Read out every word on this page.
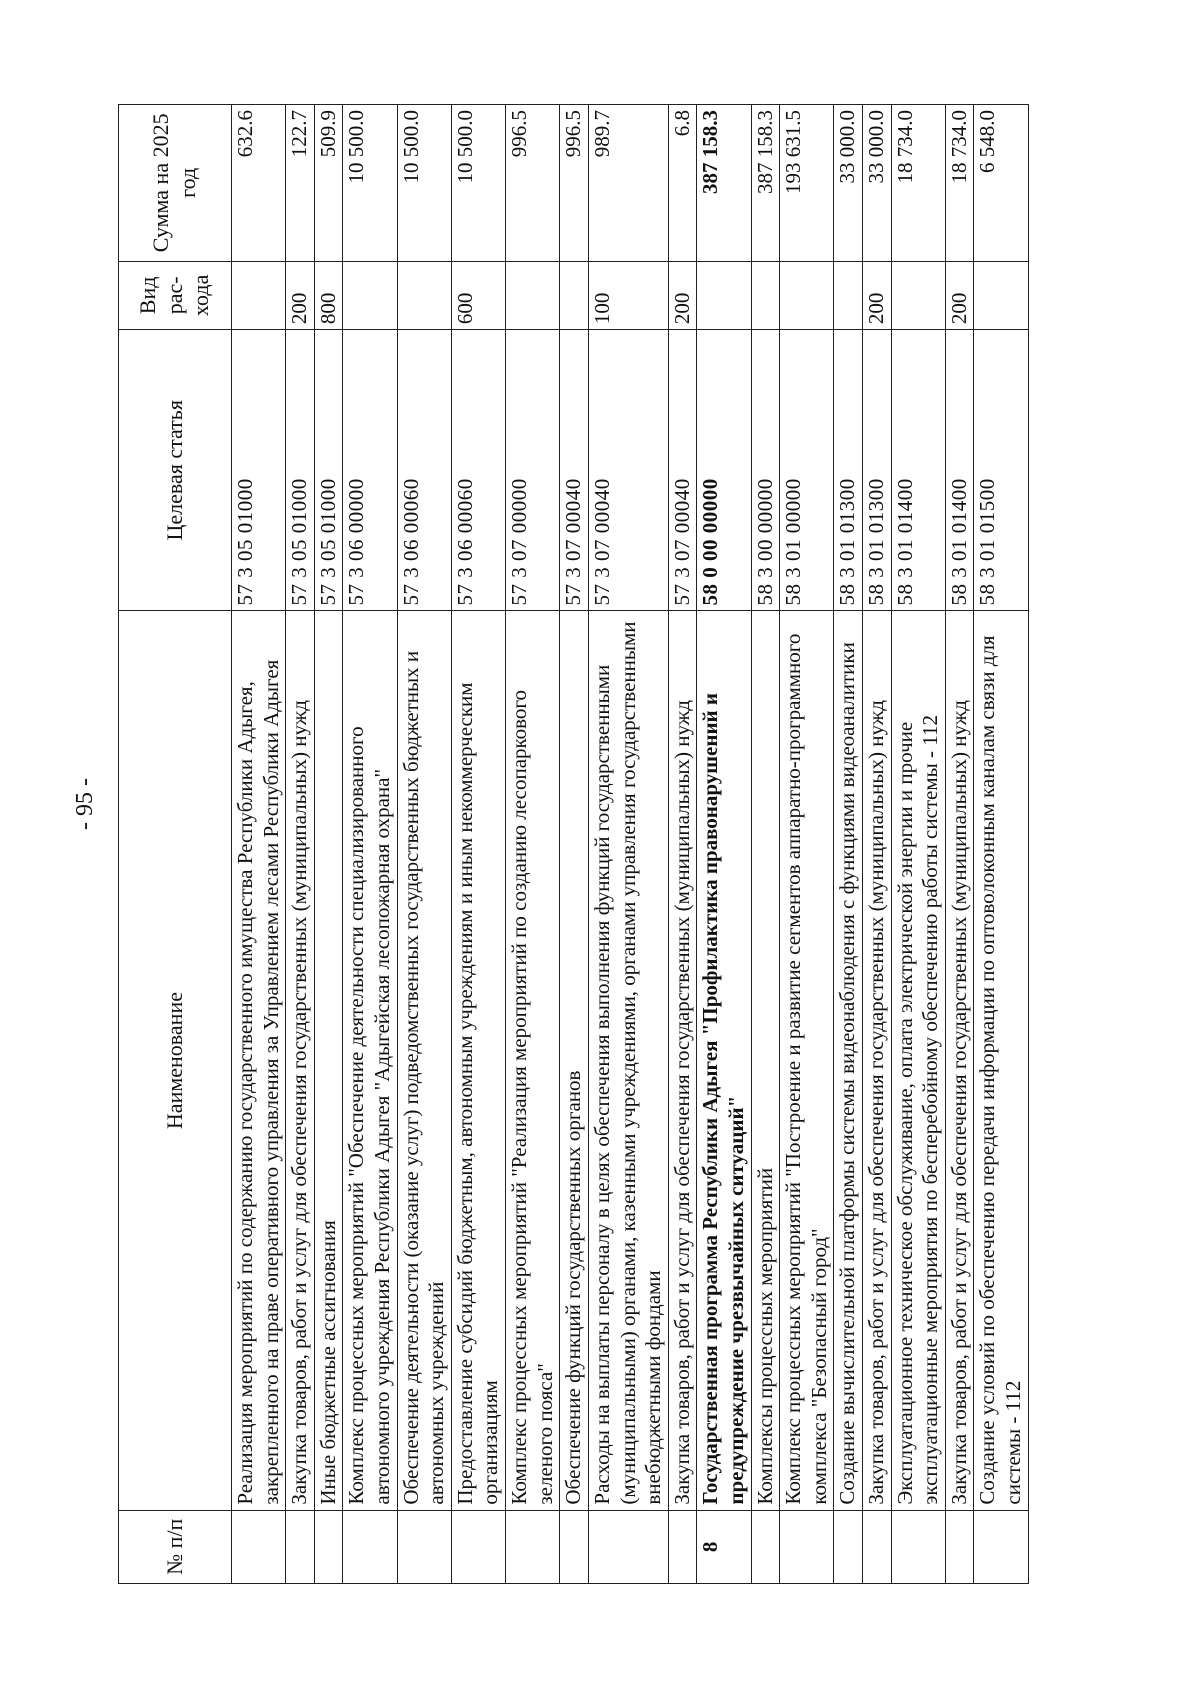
- 95 -
№ п/п	Наименование	Целевая статья	Вид рас-хода	Сумма на 2025 год
	Реализация мероприятий по содержанию государственного имущества Республики Адыгея, закрепленного на праве оперативного управления за Управлением лесами Республики Адыгея	57 3 05 01000		632.6
	Закупка товаров, работ и услуг для обеспечения государственных (муниципальных) нужд	57 3 05 01000	200	122.7
	Иные бюджетные ассигнования	57 3 05 01000	800	509.9
	Комплекс процессных мероприятий "Обеспечение деятельности специализированного автономного учреждения Республики Адыгея "Адыгейская лесопожарная охрана"	57 3 06 00000		10 500.0
	Обеспечение деятельности (оказание услуг) подведомственных государственных бюджетных и автономных учреждений	57 3 06 00060		10 500.0
	Предоставление субсидий бюджетным, автономным учреждениям и иным некоммерческим организациям	57 3 06 00060	600	10 500.0
	Комплекс процессных мероприятий "Реализация мероприятий по созданию лесопаркового зеленого пояса"	57 3 07 00000		996.5
	Обеспечение функций государственных органов	57 3 07 00040		996.5
	Расходы на выплаты персоналу в целях обеспечения выполнения функций государственными (муниципальными) органами, казенными учреждениями, органами управления государственными внебюджетными фондами	57 3 07 00040	100	989.7
	Закупка товаров, работ и услуг для обеспечения государственных (муниципальных) нужд	57 3 07 00040	200	6.8
8	Государственная программа Республики Адыгея "Профилактика правонарушений и предупреждение чрезвычайных ситуаций"	58 0 00 00000		387 158.3
	Комплексы процессных мероприятий	58 3 00 00000		387 158.3
	Комплекс процессных мероприятий "Построение и развитие сегментов аппаратно-программного комплекса "Безопасный город"	58 3 01 00000		193 631.5
	Создание вычислительной платформы системы видеонаблюдения с функциями видеоаналитики	58 3 01 01300		33 000.0
	Закупка товаров, работ и услуг для обеспечения государственных (муниципальных) нужд	58 3 01 01300	200	33 000.0
	Эксплуатационное техническое обслуживание, оплата электрической энергии и прочие эксплуатационные мероприятия по бесперебойному обеспечению работы системы - 112	58 3 01 01400		18 734.0
	Закупка товаров, работ и услуг для обеспечения государственных (муниципальных) нужд	58 3 01 01400	200	18 734.0
	Создание условий по обеспечению передачи информации по оптоволоконным каналам связи для системы - 112	58 3 01 01500		6 548.0
